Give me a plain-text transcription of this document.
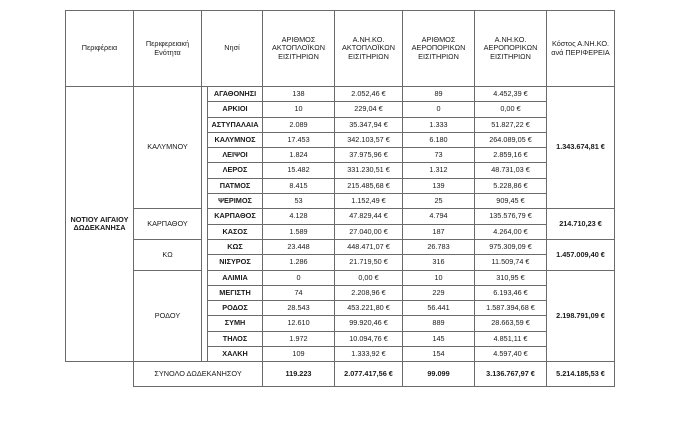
Περιφέρεια	Περιφερειακή Ενότητα	Νησί		ΑΡΙΘΜΟΣ ΑΚΤΟΠΛΟΪΚΩΝ ΕΙΣΙΤΗΡΙΩΝ	Α.ΝΗ.ΚΟ. ΑΚΤΟΠΛΟΪΚΩΝ ΕΙΣΙΤΗΡΙΩΝ	ΑΡΙΘΜΟΣ ΑΕΡΟΠΟΡΙΚΩΝ ΕΙΣΙΤΗΡΙΩΝ	Α.ΝΗ.ΚΟ. ΑΕΡΟΠΟΡΙΚΩΝ ΕΙΣΙΤΗΡΙΩΝ	Κόστος Α.ΝΗ.ΚΟ. ανά ΠΕΡΙΦΕΡΕΙΑ
ΝΟΤΙΟΥ ΑΙΓΑΙΟΥ ΔΩΔΕΚΑΝΗΣΑ	ΚΑΛΥΜΝΟΥ		ΑΓΑΘΟΝΗΣΙ	138	2.052,46 €	89	4.452,39 €	1.343.674,81 €
			ΑΡΚΙΟΙ	10	229,04 €	0	0,00 €	
			ΑΣΤΥΠΑΛΑΙΑ	2.089	35.347,94 €	1.333	51.827,22 €	
			ΚΑΛΥΜΝΟΣ	17.453	342.103,57 €	6.180	264.089,05 €	
			ΛΕΙΨΟΙ	1.824	37.975,96 €	73	2.859,16 €	
			ΛΕΡΟΣ	15.482	331.230,51 €	1.312	48.731,03 €	
			ΠΑΤΜΟΣ	8.415	215.485,68 €	139	5.228,86 €	
			ΨΕΡΙΜΟΣ	53	1.152,49 €	25	909,45 €	
	ΚΑΡΠΑΘΟΥ		ΚΑΡΠΑΘΟΣ	4.128	47.829,44 €	4.794	135.576,79 €	214.710,23 €
			ΚΑΣΟΣ	1.589	27.040,00 €	187	4.264,00 €	
	ΚΩ		ΚΩΣ	23.448	448.471,07 €	26.783	975.309,09 €	1.457.009,40 €
			ΝΙΣΥΡΟΣ	1.286	21.719,50 €	316	11.509,74 €	
	ΡΟΔΟΥ		ΑΛΙΜΙΑ	0	0,00 €	10	310,95 €	2.198.791,09 €
			ΜΕΓΙΣΤΗ	74	2.208,96 €	229	6.193,46 €	
			ΡΟΔΟΣ	28.543	453.221,80 €	56.441	1.587.394,68 €	
			ΣΥΜΗ	12.610	99.920,46 €	889	28.663,59 €	
			ΤΗΛΟΣ	1.972	10.094,76 €	145	4.851,11 €	
			ΧΑΛΚΗ	109	1.333,92 €	154	4.597,40 €	
	ΣΥΝΟΛΟ ΔΩΔΕΚΑΝΗΣΟΥ			119.223	2.077.417,56 €	99.099	3.136.767,97 €	5.214.185,53 €
